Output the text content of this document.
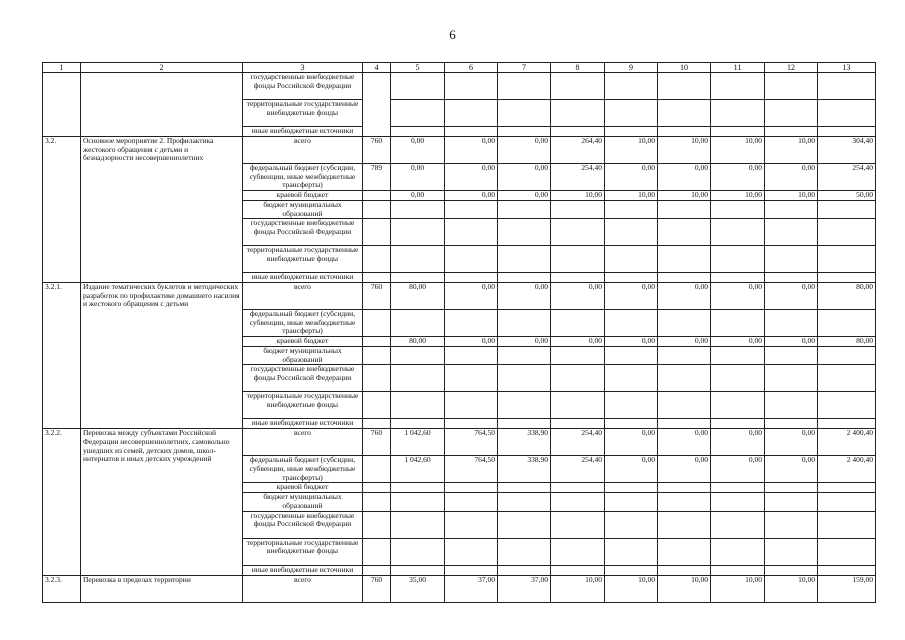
6
1	2	3	4	5	6	7	8	9	10	11	12	13
		государственные внебюджетные фонды Российской Федерации										
		территориальные государственные внебюджетные фонды										
		иные внебюджетные источники										
3.2.	Основное мероприятие 2. Профилактика жестокого обращения с детьми и безнадзорности несовершеннолетних	всего	760	0,00	0,00	0,00	264,40	10,00	10,00	10,00	10,00	304,40
		федеральный бюджет (субсидии, субвенции, иные межбюджетные трансферты)	789	0,00	0,00	0,00	254,40	0,00	0,00	0,00	0,00	254,40
		краевой бюджет		0,00	0,00	0,00	10,00	10,00	10,00	10,00	10,00	50,00
		бюджет муниципальных образований										
		государственные внебюджетные фонды Российской Федерации										
		территориальные государственные внебюджетные фонды										
		иные внебюджетные источники										
3.2.1.	Издание тематических буклетов и методических разработок по профилактике домашнего насилия и жестокого обращения с детьми	всего	760	80,00	0,00	0,00	0,00	0,00	0,00	0,00	0,00	80,00
		федеральный бюджет (субсидии, субвенции, иные межбюджетные трансферты)										
		краевой бюджет		80,00	0,00	0,00	0,00	0,00	0,00	0,00	0,00	80,00
		бюджет муниципальных образований										
		государственные внебюджетные фонды Российской Федерации										
		территориальные государственные внебюджетные фонды										
		иные внебюджетные источники										
3.2.2.	Перевозка между субъектами Российской Федерации несовершеннолетних, самовольно ушедших из семей, детских домов, школ-интернатов и иных детских учреждений	всего	760	1 042,60	764,50	338,90	254,40	0,00	0,00	0,00	0,00	2 400,40
		федеральный бюджет (субсидии, субвенции, иные межбюджетные трансферты)		1 042,60	764,50	338,90	254,40	0,00	0,00	0,00	0,00	2 400,40
		краевой бюджет										
		бюджет муниципальных образований										
		государственные внебюджетные фонды Российской Федерации										
		территориальные государственные внебюджетные фонды										
		иные внебюджетные источники										
3.2.3.	Перевозка в пределах территории	всего	760	35,00	37,00	37,00	10,00	10,00	10,00	10,00	10,00	159,00
